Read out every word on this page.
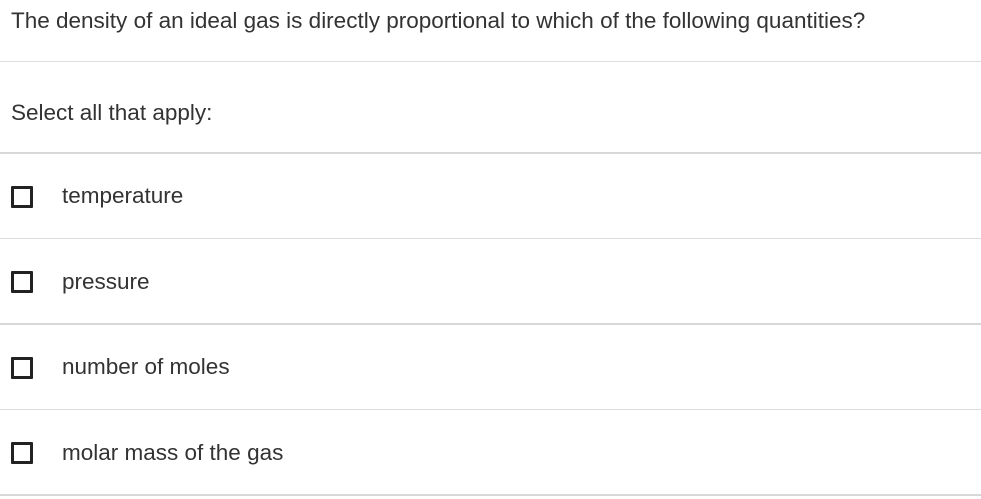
The density of an ideal gas is directly proportional to which of the following quantities?
Select all that apply:
temperature
pressure
number of moles
molar mass of the gas
